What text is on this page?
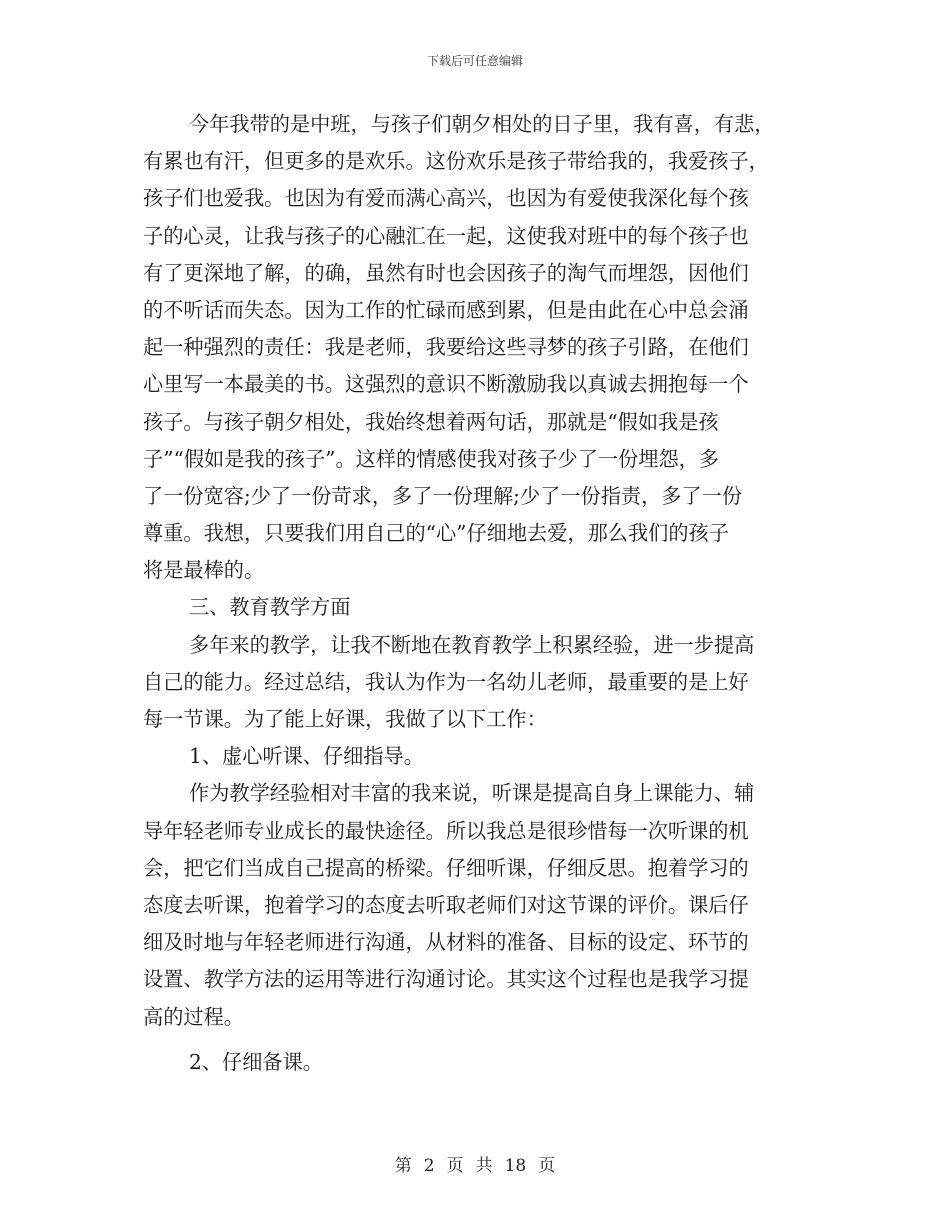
下载后可任意编辑
今年我带的是中班，与孩子们朝夕相处的日子里，我有喜，有悲，
有累也有汗，但更多的是欢乐。这份欢乐是孩子带给我的，我爱孩子，
孩子们也爱我。也因为有爱而满心高兴，也因为有爱使我深化每个孩
子的心灵，让我与孩子的心融汇在一起，这使我对班中的每个孩子也
有了更深地了解，的确，虽然有时也会因孩子的淘气而埋怨，因他们
的不听话而失态。因为工作的忙碌而感到累，但是由此在心中总会涌
起一种强烈的责任：我是老师，我要给这些寻梦的孩子引路，在他们
心里写一本最美的书。这强烈的意识不断激励我以真诚去拥抱每一个
孩子。与孩子朝夕相处，我始终想着两句话，那就是“假如我是孩
子”“假如是我的孩子”。这样的情感使我对孩子少了一份埋怨，多
了一份宽容;少了一份苛求，多了一份理解;少了一份指责，多了一份
尊重。我想，只要我们用自己的“心”仔细地去爱，那么我们的孩子
将是最棒的。
三、教育教学方面
多年来的教学，让我不断地在教育教学上积累经验，进一步提高
自己的能力。经过总结，我认为作为一名幼儿老师，最重要的是上好
每一节课。为了能上好课，我做了以下工作：
1、虚心听课、仔细指导。
作为教学经验相对丰富的我来说，听课是提高自身上课能力、辅
导年轻老师专业成长的最快途径。所以我总是很珍惜每一次听课的机
会，把它们当成自己提高的桥梁。仔细听课，仔细反思。抱着学习的
态度去听课，抱着学习的态度去听取老师们对这节课的评价。课后仔
细及时地与年轻老师进行沟通，从材料的准备、目标的设定、环节的
设置、教学方法的运用等进行沟通讨论。其实这个过程也是我学习提
高的过程。
2、仔细备课。
第 2 页 共 18 页
